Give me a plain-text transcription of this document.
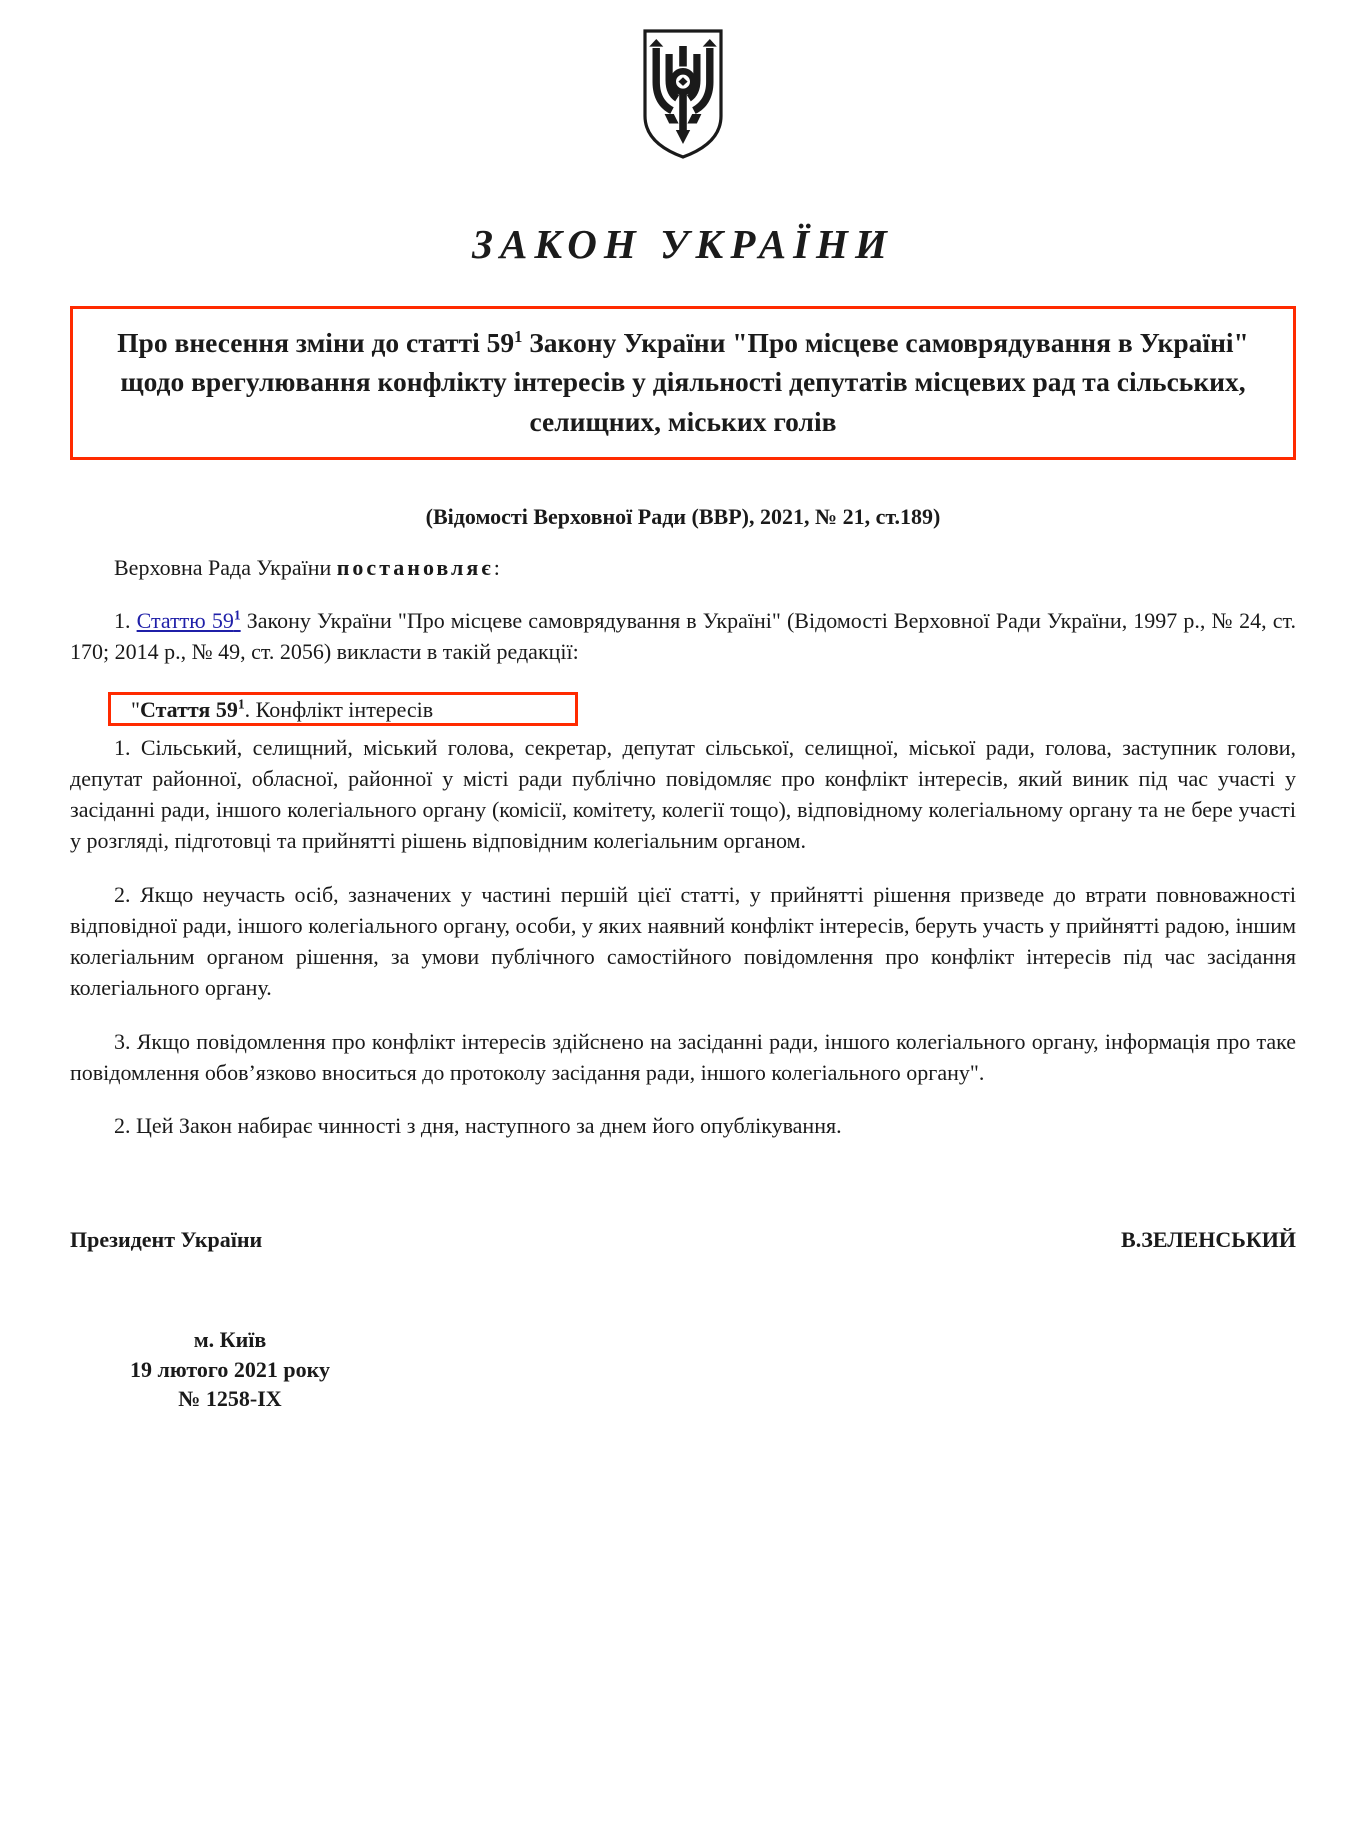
ЗАКОН УКРАЇНИ
Про внесення зміни до статті $59^1$ Закону України "Про місцеве самоврядування в Україні" щодо врегулювання конфлікту інтересів у діяльності депутатів місцевих рад та сільських, селищних, міських голів
(Відомості Верховної Ради (ВВР), 2021, № 21, ст.189)

Верховна Рада України постановляє:

1. Статтю 59$^1$ Закону України "Про місцеве самоврядування в Україні" (Відомості Верховної Ради України, 1997 р., № 24, ст. 170; 2014 р., № 49, ст. 2056) викласти в такій редакції:

"Стаття $59^1$. Конфлікт інтересів

1. Сільський, селищний, міський голова, секретар, депутат сільської, селищної, міської ради, голова, заступник голови, депутат районної, обласної, районної у місті ради публічно повідомляє про конфлікт інтересів, який виник під час участі у засіданні ради, іншого колегіального органу (комісії, комітету, колегії тощо), відповідному колегіальному органу та не бере участі у розгляді, підготовці та прийнятті рішень відповідним колегіальним органом.

2. Якщо неучасть осіб, зазначених у частині першій цієї статті, у прийнятті рішення призведе до втрати повноважності відповідної ради, іншого колегіального органу, особи, у яких наявний конфлікт інтересів, беруть участь у прийнятті радою, іншим колегіальним органом рішення, за умови публічного самостійного повідомлення про конфлікт інтересів під час засідання колегіального органу.

3. Якщо повідомлення про конфлікт інтересів здійснено на засіданні ради, іншого колегіального органу, інформація про таке повідомлення обов’язково вноситься до протоколу засідання ради, іншого колегіального органу".

2. Цей Закон набирає чинності з дня, наступного за днем його опублікування.

Президент України	В.ЗЕЛЕНСЬКИЙ
м. Київ
19 лютого 2021 року
№ 1258-IX
